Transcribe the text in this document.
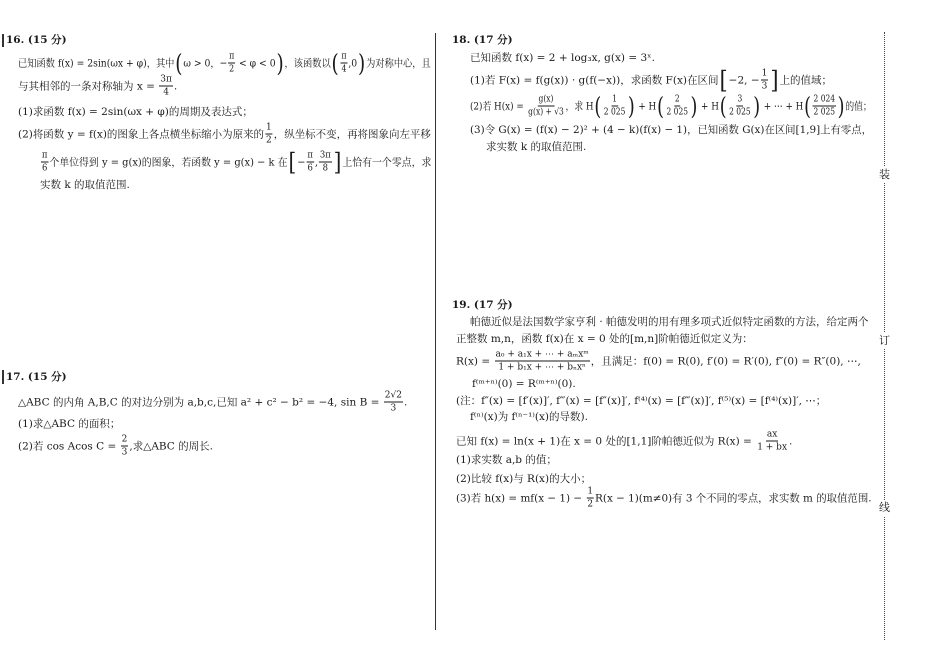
16. (15 分)
已知函数 f(x) = 2sin(ωx + φ)，其中 ( ω > 0，− $\frac{\pi}{2} < \varphi < 0$ ) ，该函数以 ( $\frac{\pi}{4} ,0$ ) 为对称中心，且
与其相邻的一条对称轴为 $x = \frac{3\pi}{4}$ .
(1)求函数 f(x) = 2sin(ωx + φ)的周期及表达式；
(2)将函数 y = f(x)的图象上各点横坐标缩小为原来的 $\frac{1}{2}$ ，纵坐标不变，再将图象向左平移
$\frac{\pi}{6}$ 个单位得到 y = g(x)的图象，若函数 y = g(x) − k 在 [ − $\frac{\pi}{6}$ , $\frac{3\pi}{8}$ ] 上恰有一个零点，求
实数 k 的取值范围.
17. (15 分)
△ABC 的内角 A,B,C 的对边分别为 a,b,c,已知 a² + c² − b² = −4, $\sin B = \frac{2√2}{3}$ .
(1)求△ABC 的面积；
(2)若 cos Acos $C = \frac{2}{3}$ ,求△ABC 的周长.
18. (17 分)
已知函数 f(x) = 2 + log₃x, g(x) = 3ˣ.
(1)若 F(x) = f(g(x)) · g(f(−x))，求函数 F(x)在区间 [ −2, − $\frac{1}{3}$ ] 上的值域；
(2)若 $H(x) = \frac{g(x)}{g(x) + √3}$ ，求 H ( $\frac{1}{2 025}$ ) + H ( $\frac{2}{2 025}$ ) + H ( $\frac{3}{2 025}$ ) + ⋯ + H ( $\frac{2 024}{2 025}$ ) 的值；
(3)令 G(x) = (f(x) − 2)² + (4 − k)(f(x) − 1)，已知函数 G(x)在区间[1,9]上有零点，
求实数 k 的取值范围.
19. (17 分)
帕德近似是法国数学家亨利 · 帕德发明的用有理多项式近似特定函数的方法，给定两个
正整数 m,n，函数 f(x)在 x = 0 处的[m,n]阶帕德近似定义为：
$R(x) = \frac{\text{a₀ + a₁x + ⋯ + aₘxᵐ}}{\text{1 + b₁x + ⋯ + bₙxⁿ}}$ ，且满足：f(0) = R(0), f′(0) = R′(0), f″(0) = R″(0), ⋯,
f⁽ᵐ⁺ⁿ⁾(0) = R⁽ᵐ⁺ⁿ⁾(0).
(注：f″(x) = [f′(x)]′, f‴(x) = [f″(x)]′, f⁽⁴⁾(x) = [f‴(x)]′, f⁽⁵⁾(x) = [f⁽⁴⁾(x)]′, ⋯；
f⁽ⁿ⁾(x)为 f⁽ⁿ⁻¹⁾(x)的导数).
已知 f(x) = ln(x + 1)在 x = 0 处的[1,1]阶帕德近似为 $R(x) = \frac{ax}{1 + bx}$ .
(1)求实数 a,b 的值；
(2)比较 f(x)与 R(x)的大小；
(3)若 $h(x) = mf(x - 1) - \frac{1}{2} R(x - 1)(m\ne 0)$有 3 个不同的零点，求实数 m 的取值范围.
装
订
线
